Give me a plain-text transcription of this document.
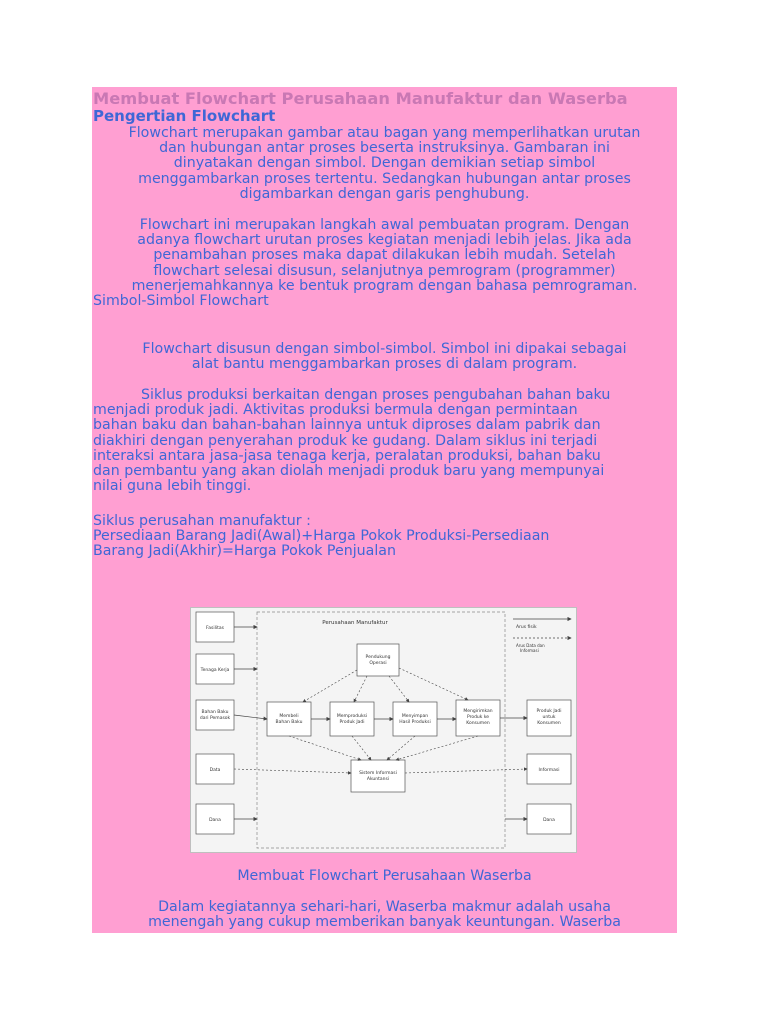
Membuat Flowchart Perusahaan Manufaktur dan Waserba

Pengertian Flowchart

Flowchart merupakan gambar atau bagan yang memperlihatkan urutan

dan hubungan antar proses beserta instruksinya. Gambaran ini

dinyatakan dengan simbol. Dengan demikian setiap simbol

menggambarkan proses tertentu. Sedangkan hubungan antar proses

digambarkan dengan garis penghubung.

Flowchart ini merupakan langkah awal pembuatan program. Dengan

adanya flowchart urutan proses kegiatan menjadi lebih jelas. Jika ada

penambahan proses maka dapat dilakukan lebih mudah. Setelah

flowchart selesai disusun, selanjutnya pemrogram (programmer)

menerjemahkannya ke bentuk program dengan bahasa pemrograman.

Simbol-Simbol Flowchart

Flowchart disusun dengan simbol-simbol. Simbol ini dipakai sebagai

alat bantu menggambarkan proses di dalam program.

Siklus produksi berkaitan dengan proses pengubahan bahan baku

menjadi produk jadi. Aktivitas produksi bermula dengan permintaan

bahan baku dan bahan-bahan lainnya untuk diproses dalam pabrik dan

diakhiri dengan penyerahan produk ke gudang. Dalam siklus ini terjadi

interaksi antara jasa-jasa tenaga kerja, peralatan produksi, bahan baku

dan pembantu yang akan diolah menjadi produk baru yang mempunyai

nilai guna lebih tinggi.

Siklus perusahan manufaktur :

Persediaan Barang Jadi(Awal)+Harga Pokok Produksi-Persediaan

Barang Jadi(Akhir)=Harga Pokok Penjualan

Perusahaan Manufaktur
Arus fisik
Arus Data dan
Informasi
Fasilitas
Tenaga Kerja
Bahan Baku
dari Pemasok
Data
Dana
Pendukung
Operasi
Membeli
Bahan Baku
Memproduksi
Produk Jadi
Menyimpan
Hasil Produksi
Mengirimkan
Produk ke
Konsumen
Sistem Informasi
Akuntansi
Produk Jadi
untuk
Konsumen
Informasi
Dana

Membuat Flowchart Perusahaan Waserba

Dalam kegiatannya sehari-hari, Waserba makmur adalah usaha

menengah yang cukup memberikan banyak keuntungan. Waserba
